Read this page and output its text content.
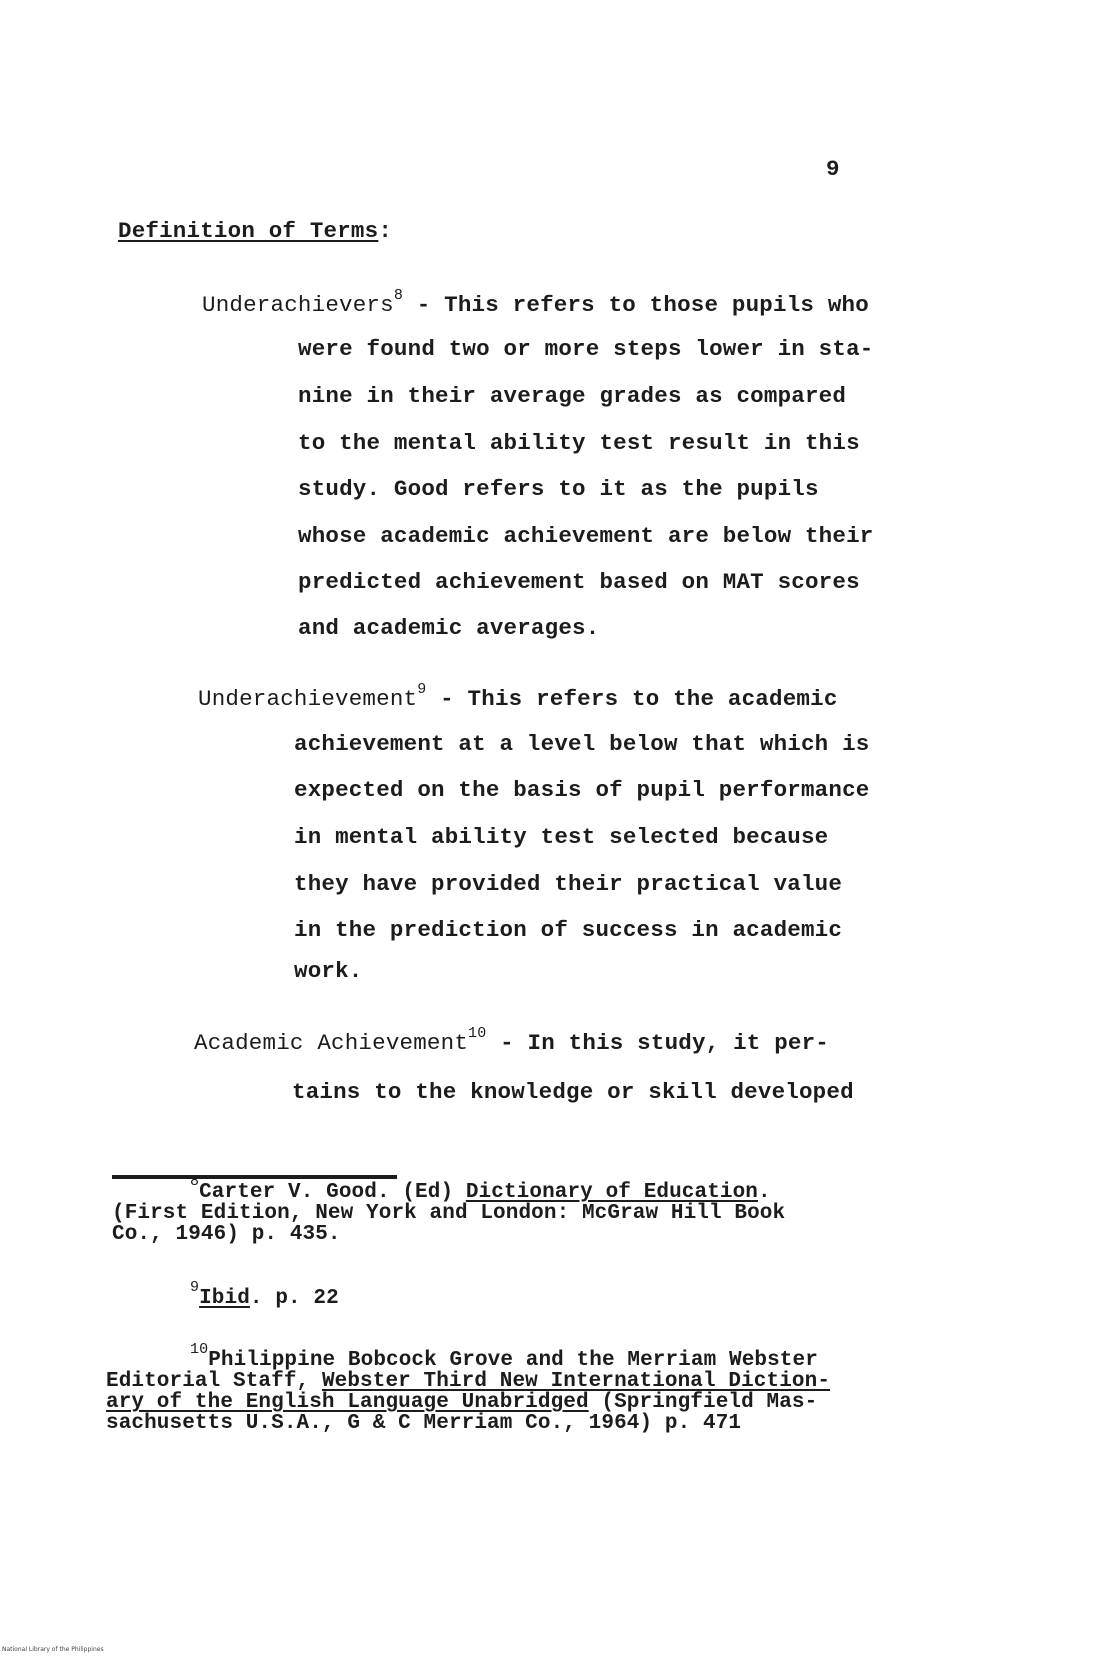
9
Definition of Terms:
Underachievers$^8$ - This refers to those pupils who
were found two or more steps lower in sta-
nine in their average grades as compared
to the mental ability test result in this
study. Good refers to it as the pupils
whose academic achievement are below their
predicted achievement based on MAT scores
and academic averages.
Underachievement$^9$ - This refers to the academic
achievement at a level below that which is
expected on the basis of pupil performance
in mental ability test selected because
they have provided their practical value
in the prediction of success in academic
work.
Academic Achievement$^{10}$ - In this study, it per-
tains to the knowledge or skill developed
$^8$Carter V. Good. (Ed) Dictionary of Education.
(First Edition, New York and London: McGraw Hill Book
Co., 1946) p. 435.
$^9$Ibid. p. 22
$^{10}$Philippine Bobcock Grove and the Merriam Webster
Editorial Staff, Webster Third New International Diction-
ary of the English Language Unabridged (Springfield Mas-
sachusetts U.S.A., G & C Merriam Co., 1964) p. 471
National Library of the Philippines
